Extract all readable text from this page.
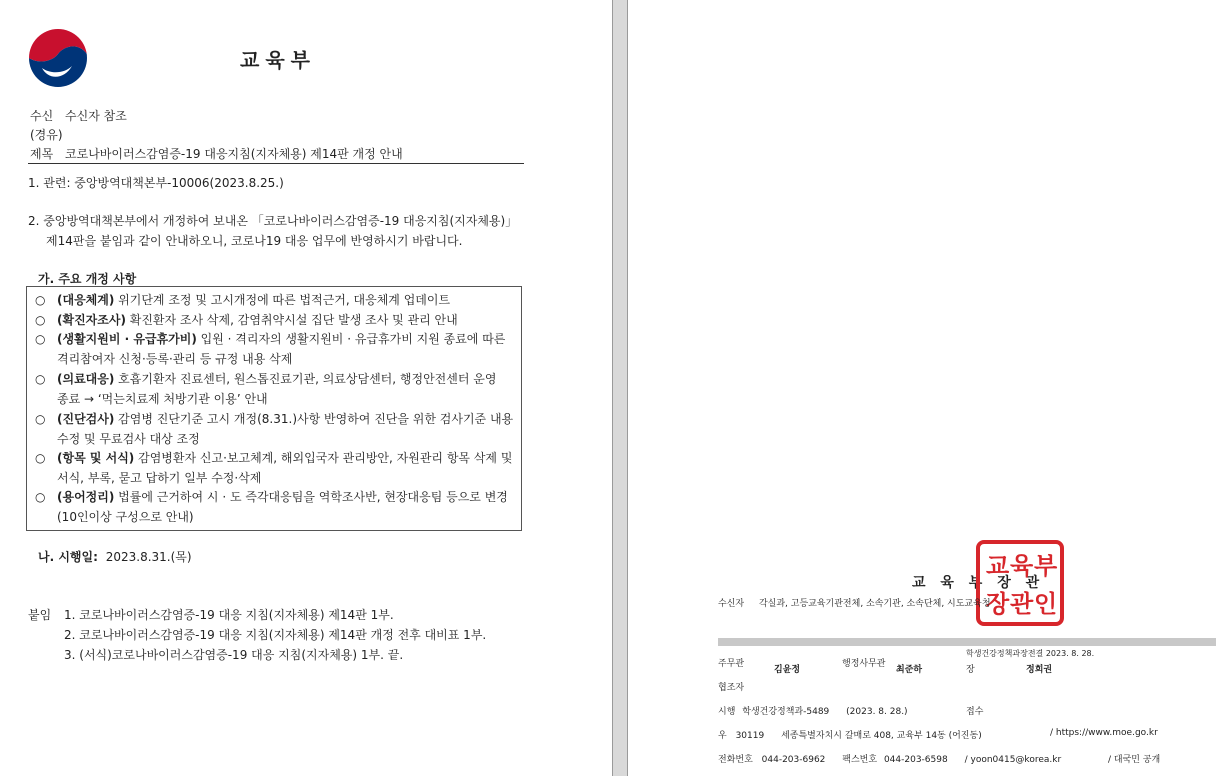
교육부
수신 수신자 참조
(경유)
제목 코로나바이러스감염증-19 대응지침(지자체용) 제14판 개정 안내
1. 관련: 중앙방역대책본부-10006(2023.8.25.)
2. 중앙방역대책본부에서 개정하여 보내온 「코로나바이러스감염증-19 대응지침(지자체용)」
제14판을 붙임과 같이 안내하오니, 코로나19 대응 업무에 반영하시기 바랍니다.
가. 주요 개정 사항
○ (대응체계) 위기단계 조정 및 고시개정에 따른 법적근거, 대응체계 업데이트
○ (확진자조사) 확진환자 조사 삭제, 감염취약시설 집단 발생 조사 및 관리 안내
○ (생활지원비 · 유급휴가비) 입원 · 격리자의 생활지원비 · 유급휴가비 지원 종료에 따른 격리참여자 신청·등록·관리 등 규정 내용 삭제
○ (의료대응) 호흡기환자 진료센터, 원스톱진료기관, 의료상담센터, 행정안전센터 운영 종료 → ‘먹는치료제 처방기관 이용’ 안내
○ (진단검사) 감염병 진단기준 고시 개정(8.31.)사항 반영하여 진단을 위한 검사기준 내용 수정 및 무료검사 대상 조정
○ (항목 및 서식) 감염병환자 신고·보고체계, 해외입국자 관리방안, 자원관리 항목 삭제 및 서식, 부록, 묻고 답하기 일부 수정·삭제
○ (용어정리) 법률에 근거하여 시 · 도 즉각대응팀을 역학조사반, 현장대응팀 등으로 변경(10인이상 구성으로 안내)
나. 시행일: 2023.8.31.(목)
붙임 1. 코로나바이러스감염증-19 대응 지침(지자체용) 제14판 1부.
2. 코로나바이러스감염증-19 대응 지침(지자체용) 제14판 개정 전후 대비표 1부.
3. (서식)코로나바이러스감염증-19 대응 지침(지자체용) 1부. 끝.
교 육 부 장 관
교육부장관인
교 육 부
장 관 인
수신자 각실과, 고등교육기관전체, 소속기관, 소속단체, 시도교육청
주무관
김윤정
행정사무관
최준하
학생건강정책과장전결 2023. 8. 28.
장	정희권
협조자
시행 학생건강정책과-5489 (2023. 8. 28.)	접수
우 30119 세종특별자치시 갈매로 408, 교육부 14동 (어진동)	/ https://www.moe.go.kr
전화번호 044-203-6962 팩스번호 044-203-6598 / yoon0415@korea.kr	/ 대국민 공개
